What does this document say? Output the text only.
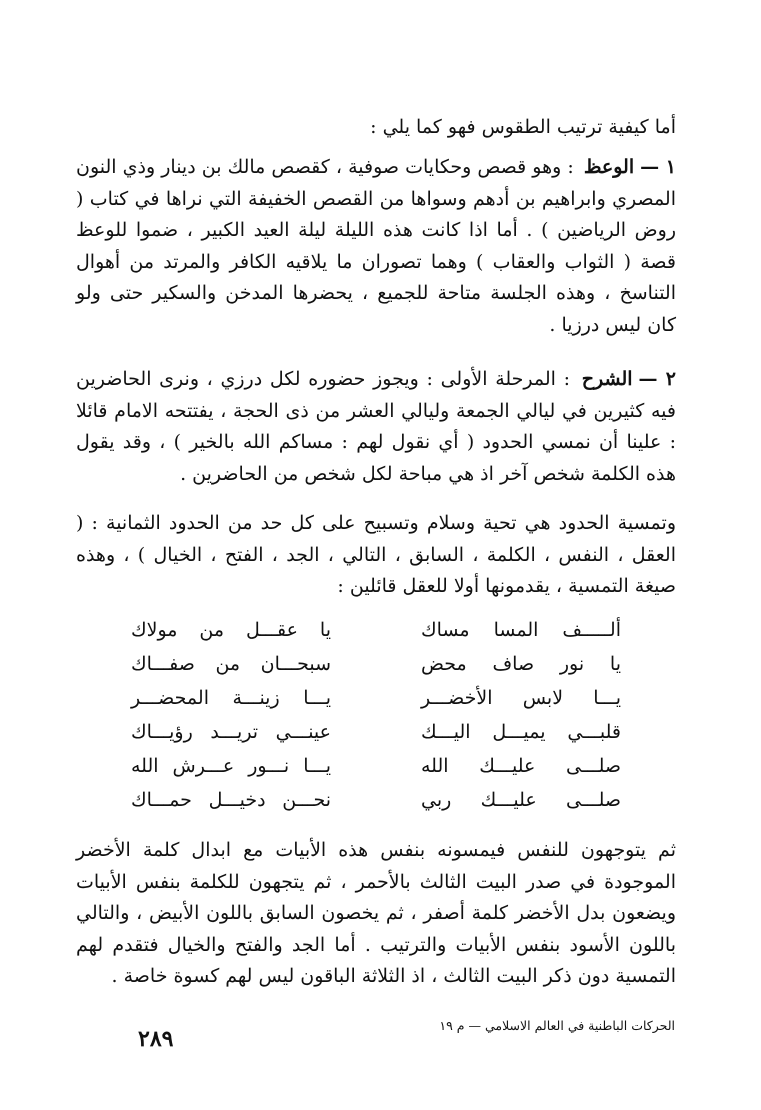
أما كيفية ترتيب الطقوس فهو كما يلي :

١ —الوعظ : وهو قصص وحكايات صوفية ، كقصص مالك بن دينار وذي النون المصري وابراهيم بن أدهم وسواها من القصص الخفيفة التي نراها في كتاب ( روض الرياضين ) . أما اذا كانت هذه الليلة ليلة العيد الكبير ، ضموا للوعظ قصة ( الثواب والعقاب ) وهما تصوران ما يلاقيه الكافر والمرتد من أهوال التناسخ ، وهذه الجلسة متاحة للجميع ، يحضرها المدخن والسكير حتى ولو كان ليس درزيا .

٢ —الشرح : المرحلة الأولى : ويجوز حضوره لكل درزي ، ونرى الحاضرين فيه كثيرين في ليالي الجمعة وليالي العشر من ذى الحجة ، يفتتحه الامام قائلا : علينا أن نمسي الحدود ( أي نقول لهم : مساكم الله بالخير ) ، وقد يقول هذه الكلمة شخص آخر اذ هي مباحة لكل شخص من الحاضرين .

وتمسية الحدود هي تحية وسلام وتسبيح على كل حد من الحدود الثمانية : ( العقل ، النفس ، الكلمة ، السابق ، التالي ، الجد ، الفتح ، الخيال ) ، وهذه صيغة التمسية ، يقدمونها أولا للعقل قائلين :

ألـــــف المسا مساك
يا عقـــل من مولاك
يا نور صاف محض
سبحـــان من صفـــاك
يـــا لابس الأخضـــر
يـــا زينـــة المحضـــر
قلبـــي يميـــل اليـــك
عينـــي تريـــد رؤيـــاك
صلـــى عليـــك الله
يـــا نـــور عـــرش الله
صلـــى عليـــك ربي
نحـــن دخيـــل حمـــاك

ثم يتوجهون للنفس فيمسونه بنفس هذه الأبيات مع ابدال كلمة الأخضر الموجودة في صدر البيت الثالث بالأحمر ، ثم يتجهون للكلمة بنفس الأبيات ويضعون بدل الأخضر كلمة أصفر ، ثم يخصون السابق باللون الأبيض ، والتالي باللون الأسود بنفس الأبيات والترتيب . أما الجد والفتح والخيال فتقدم لهم التمسية دون ذكر البيت الثالث ، اذ الثلاثة الباقون ليس لهم كسوة خاصة .

الحركات الباطنية في العالم الاسلامي — م ١٩
٢٨٩
